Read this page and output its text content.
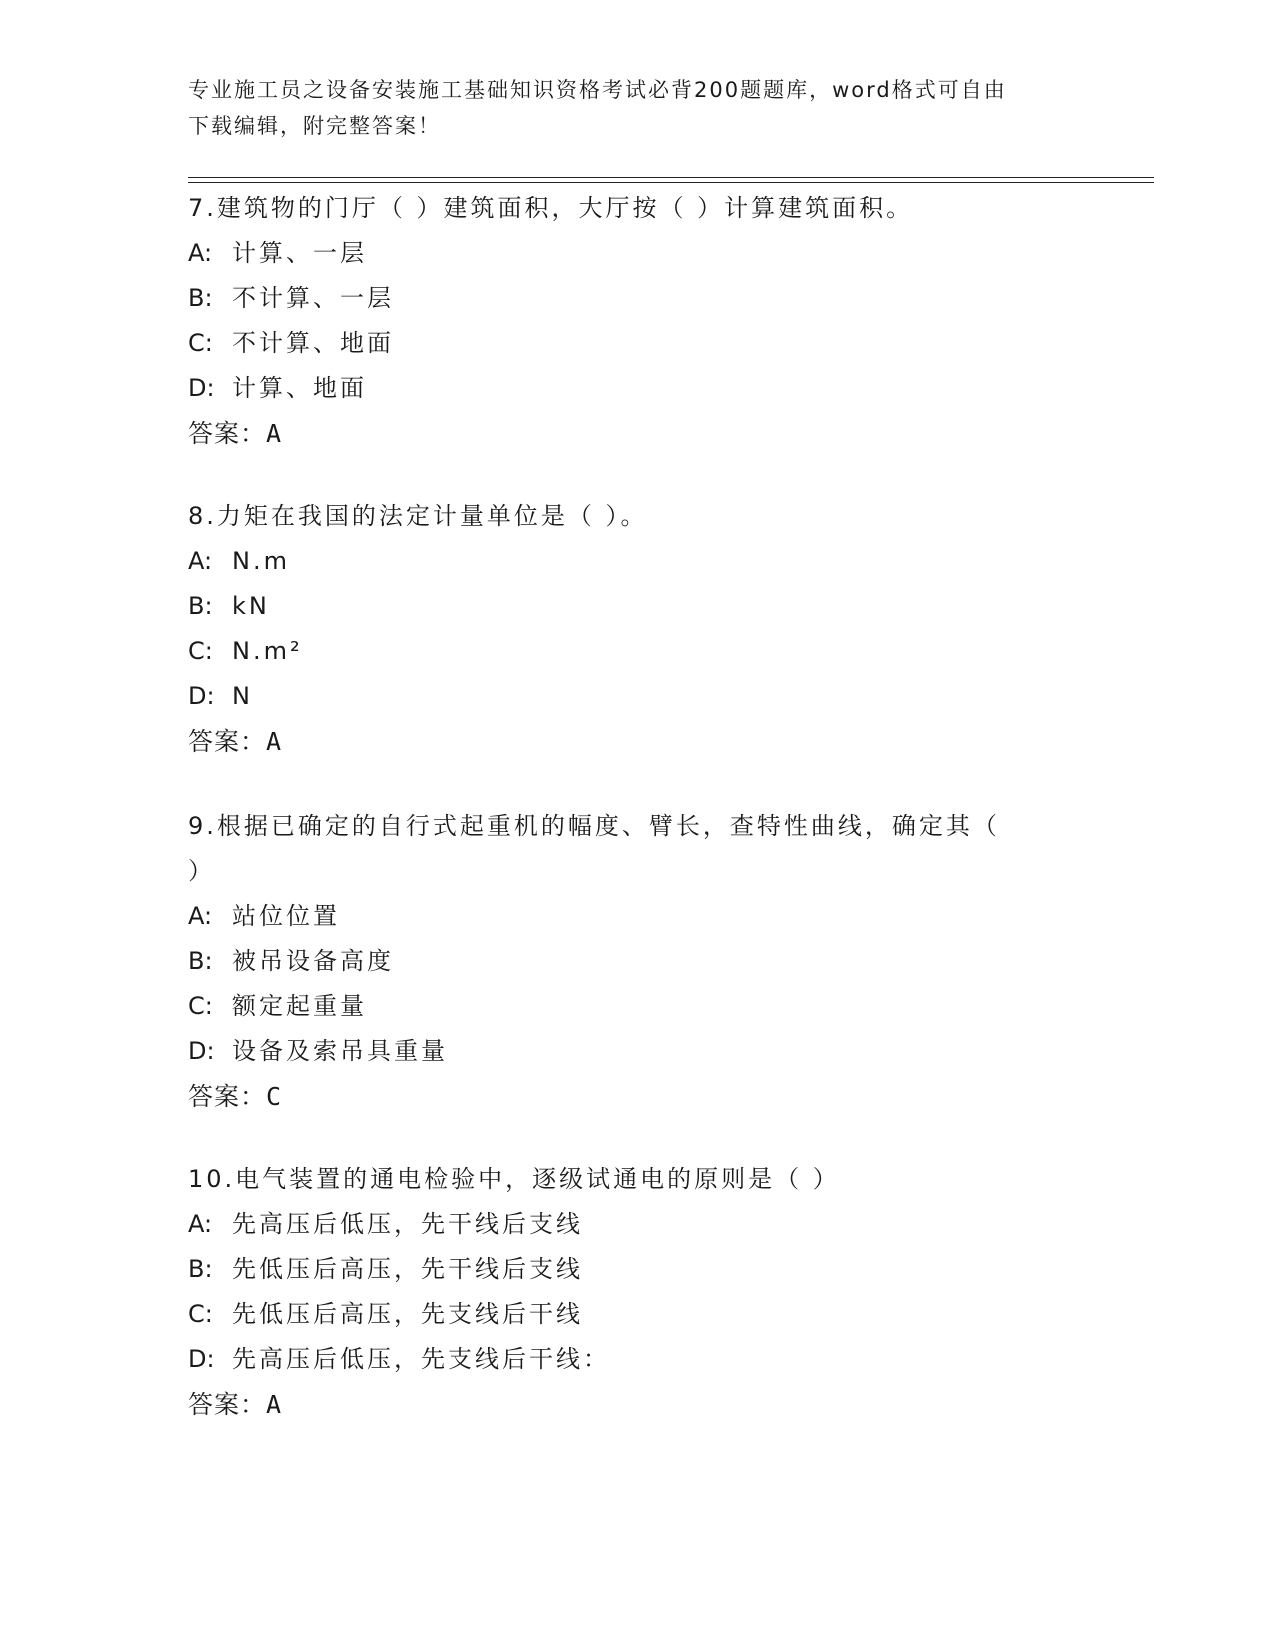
专业施工员之设备安装施工基础知识资格考试必背200题题库，word格式可自由
下载编辑，附完整答案！

7.建筑物的门厅（ ）建筑面积，大厅按（ ）计算建筑面积。

A: 计算、一层

B: 不计算、一层

C: 不计算、地面

D: 计算、地面

答案：A

8.力矩在我国的法定计量单位是（ ）。

A: N.m

B: kN

C: N.m²

D: N

答案：A

9.根据已确定的自行式起重机的幅度、臂长，查特性曲线，确定其（

）

A: 站位位置

B: 被吊设备高度

C: 额定起重量

D: 设备及索吊具重量

答案：C

10.电气装置的通电检验中，逐级试通电的原则是（ ）

A: 先高压后低压，先干线后支线

B: 先低压后高压，先干线后支线

C: 先低压后高压，先支线后干线

D: 先高压后低压，先支线后干线：

答案：A
